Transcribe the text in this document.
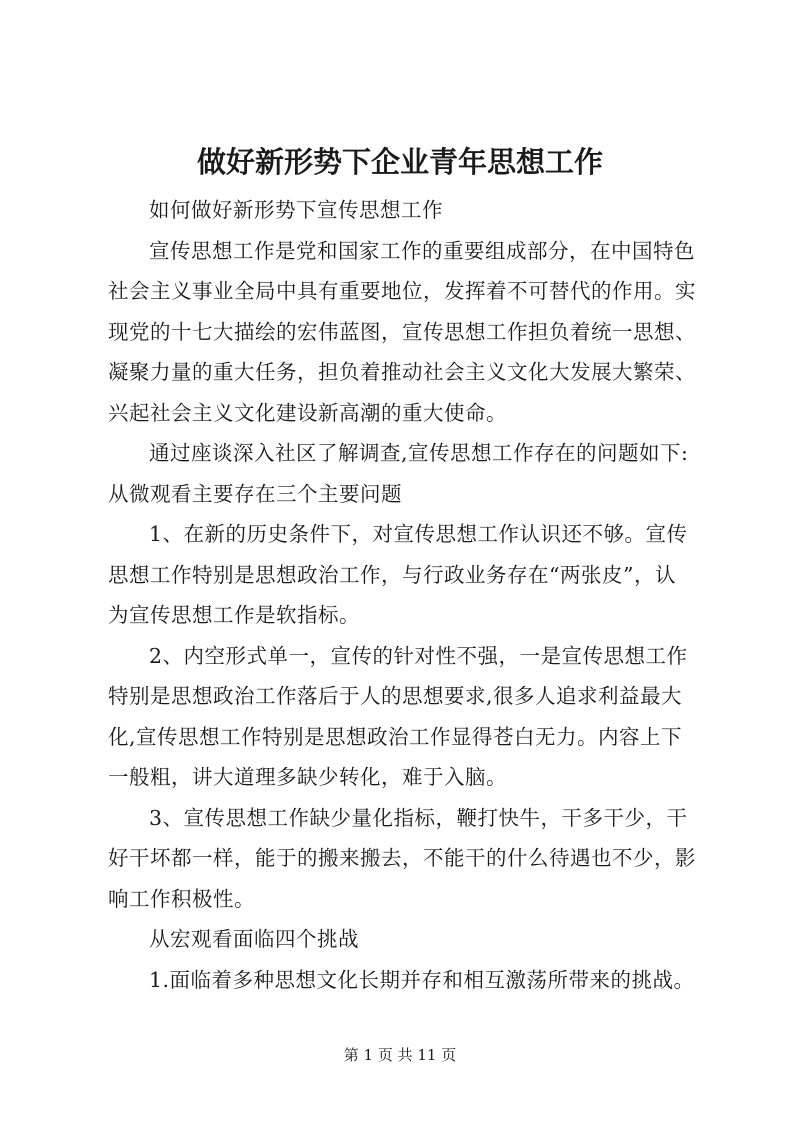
做好新形势下企业青年思想工作
如何做好新形势下宣传思想工作
宣传思想工作是党和国家工作的重要组成部分，在中国特色
社会主义事业全局中具有重要地位，发挥着不可替代的作用。实
现党的十七大描绘的宏伟蓝图，宣传思想工作担负着统一思想、
凝聚力量的重大任务，担负着推动社会主义文化大发展大繁荣、
兴起社会主义文化建设新高潮的重大使命。
通过座谈深入社区了解调查,宣传思想工作存在的问题如下:
从微观看主要存在三个主要问题
1、在新的历史条件下，对宣传思想工作认识还不够。宣传
思想工作特别是思想政治工作，与行政业务存在“两张皮”，认
为宣传思想工作是软指标。
2、内空形式单一，宣传的针对性不强，一是宣传思想工作
特别是思想政治工作落后于人的思想要求,很多人追求利益最大
化,宣传思想工作特别是思想政治工作显得苍白无力。内容上下
一般粗，讲大道理多缺少转化，难于入脑。
3、宣传思想工作缺少量化指标，鞭打快牛，干多干少，干
好干坏都一样，能于的搬来搬去，不能干的什么待遇也不少，影
响工作积极性。
从宏观看面临四个挑战
1.面临着多种思想文化长期并存和相互激荡所带来的挑战。
第 1 页 共 11 页
